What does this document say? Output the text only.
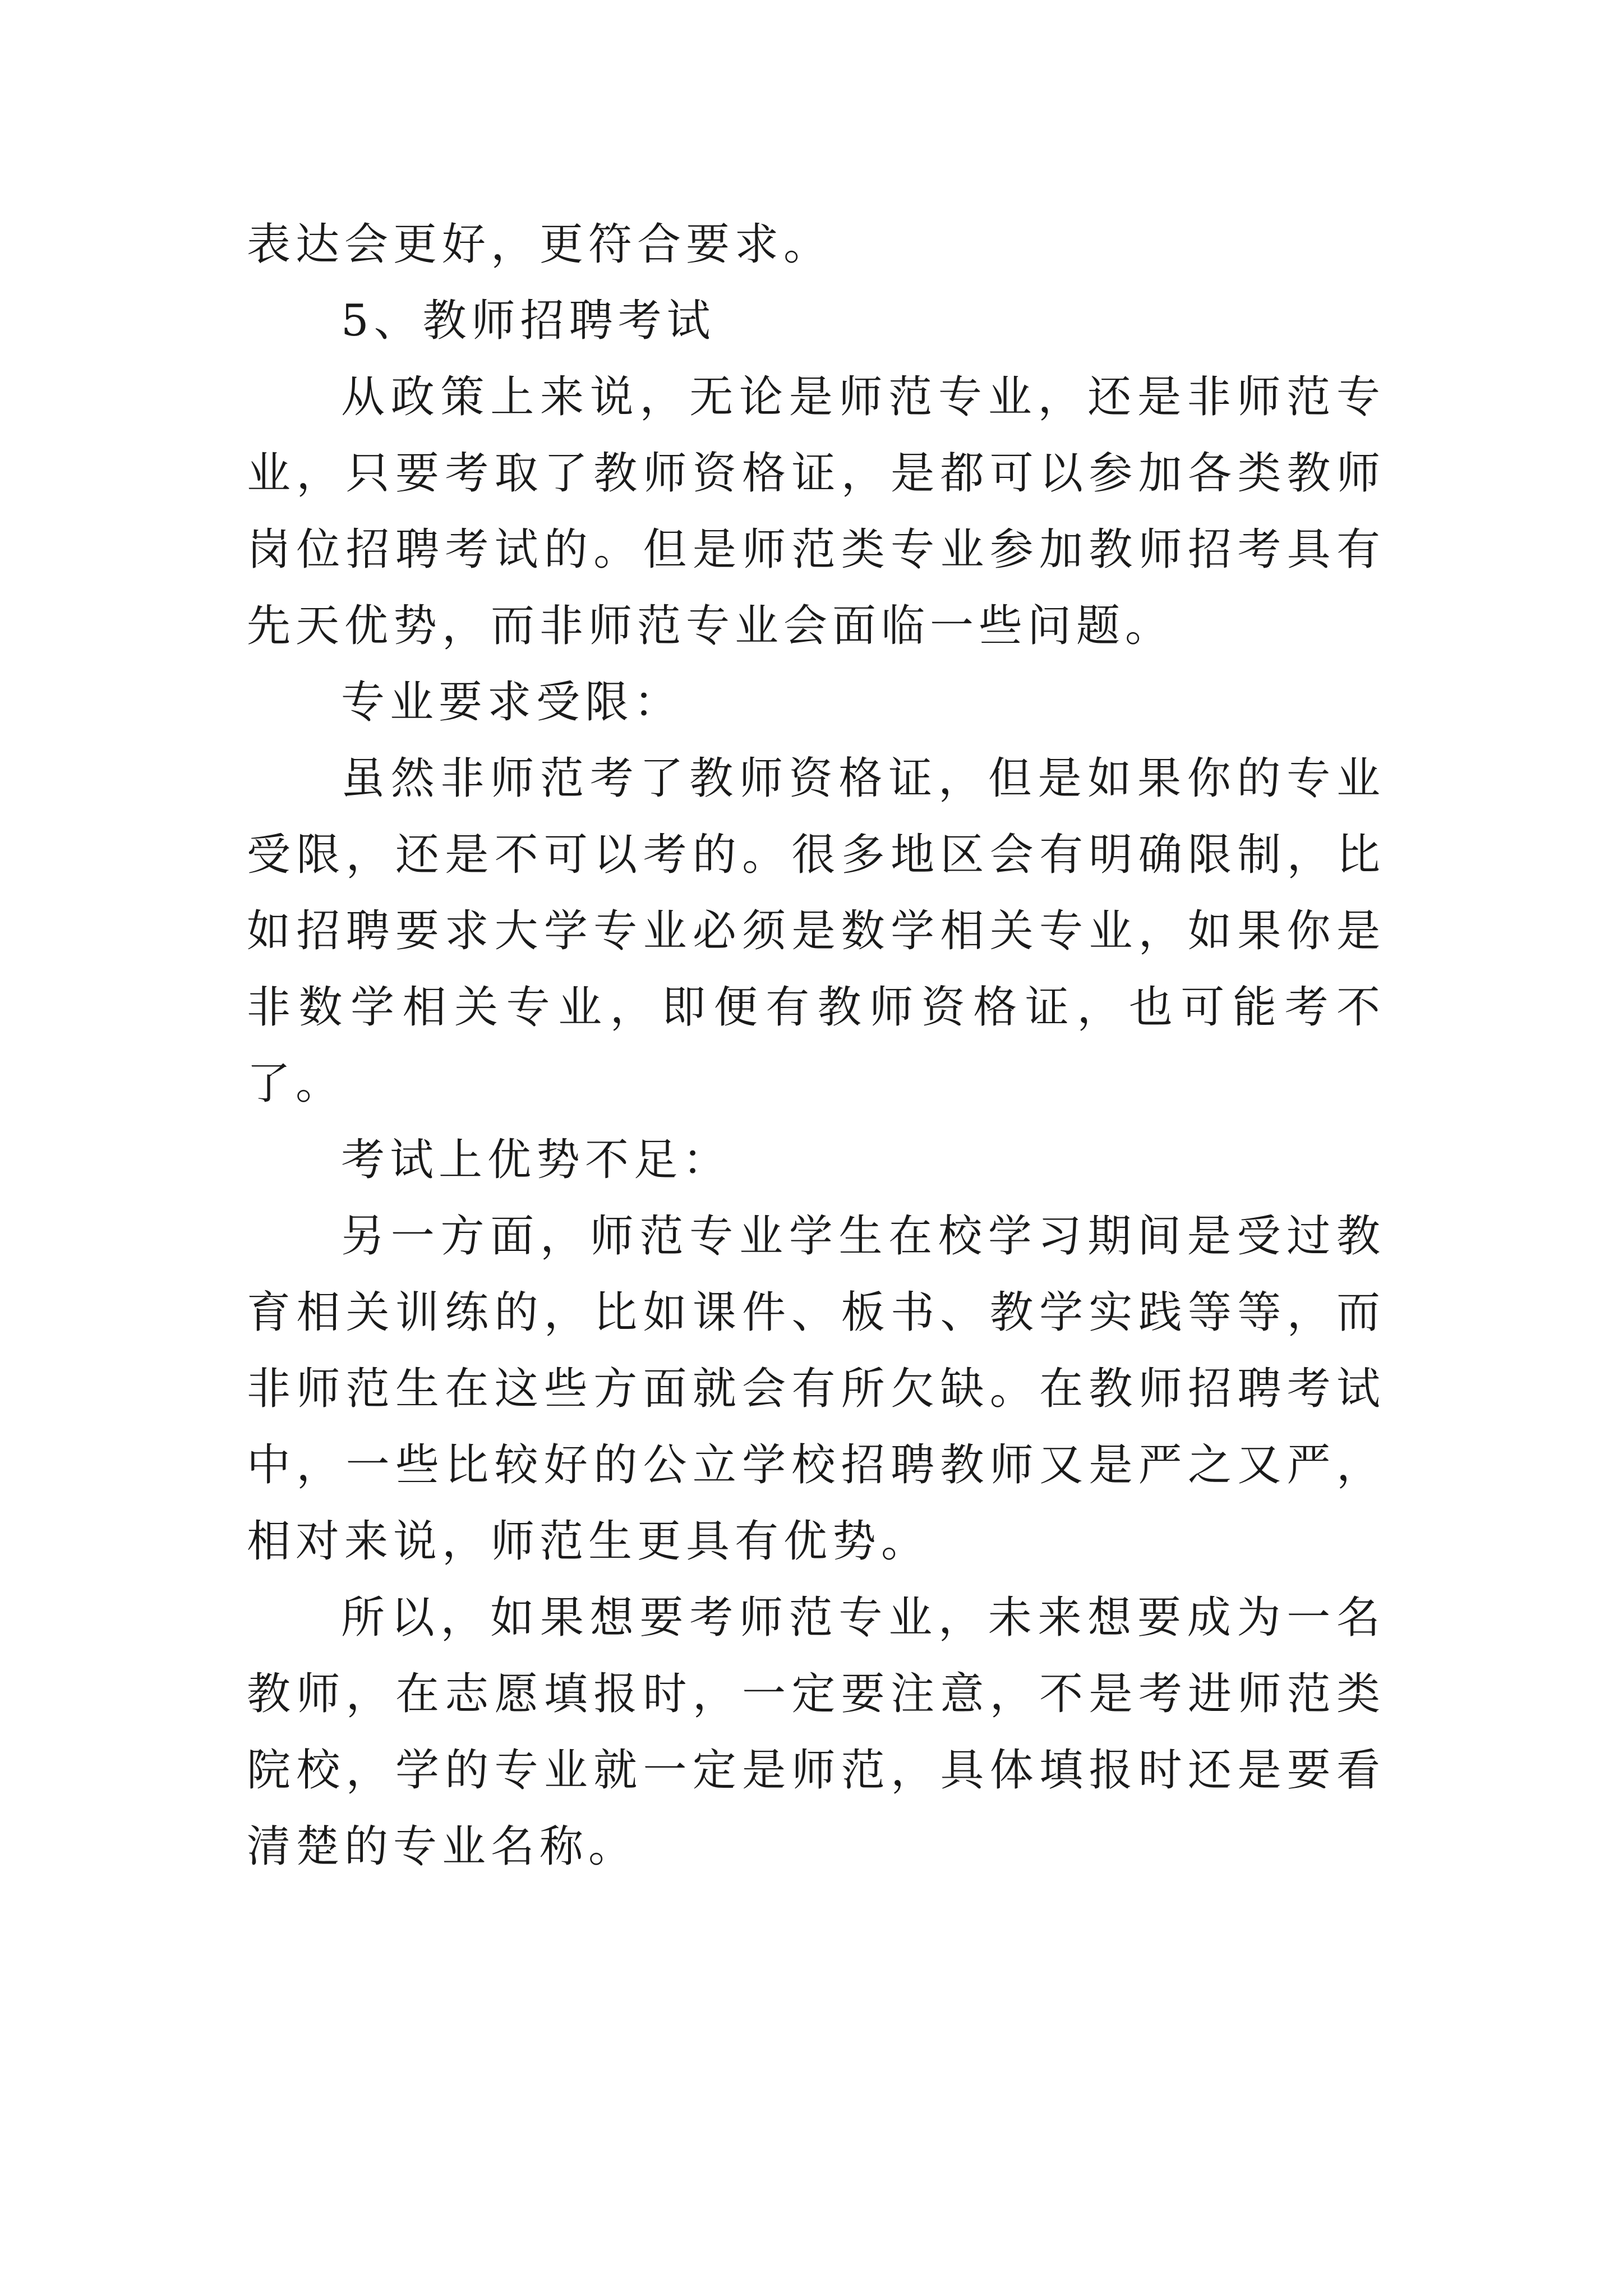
表达会更好，更符合要求。

5、教师招聘考试

从政策上来说，无论是师范专业，还是非师范专业，只要考取了教师资格证，是都可以参加各类教师岗位招聘考试的。但是师范类专业参加教师招考具有先天优势，而非师范专业会面临一些问题。

专业要求受限：

虽然非师范考了教师资格证，但是如果你的专业受限，还是不可以考的。很多地区会有明确限制，比如招聘要求大学专业必须是数学相关专业，如果你是非数学相关专业，即便有教师资格证，也可能考不了。

考试上优势不足：

另一方面，师范专业学生在校学习期间是受过教育相关训练的，比如课件、板书、教学实践等等，而非师范生在这些方面就会有所欠缺。在教师招聘考试中，一些比较好的公立学校招聘教师又是严之又严，相对来说，师范生更具有优势。

所以，如果想要考师范专业，未来想要成为一名教师，在志愿填报时，一定要注意，不是考进师范类院校，学的专业就一定是师范，具体填报时还是要看清楚的专业名称。
